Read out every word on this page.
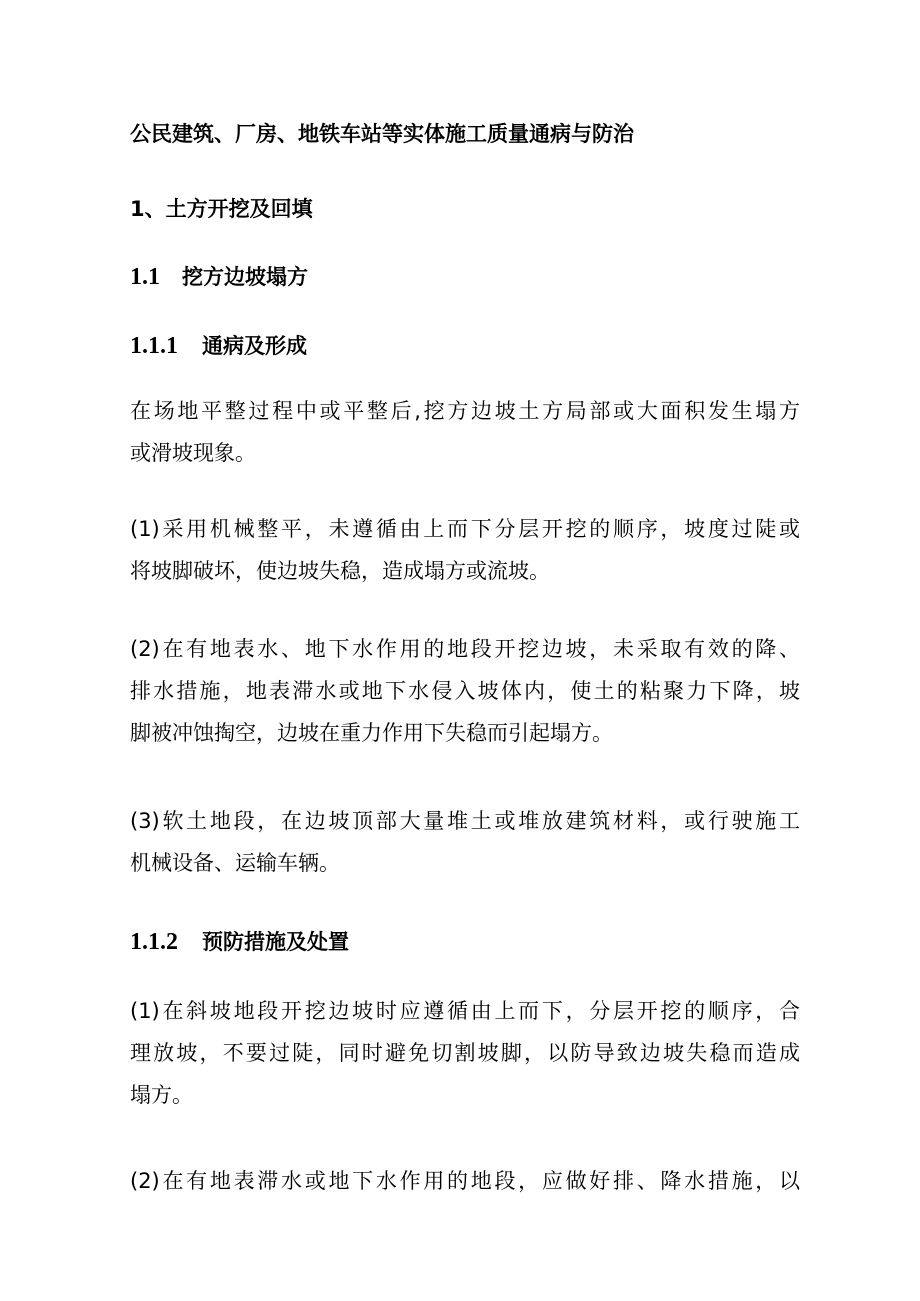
公民建筑、厂房、地铁车站等实体施工质量通病与防治
1、土方开挖及回填
1.1 挖方边坡塌方
1.1.1 通病及形成
在场地平整过程中或平整后,挖方边坡土方局部或大面积发生塌方
或滑坡现象。
(1)采用机械整平，未遵循由上而下分层开挖的顺序，坡度过陡或
将坡脚破坏，使边坡失稳，造成塌方或流坡。
(2)在有地表水、地下水作用的地段开挖边坡，未采取有效的降、
排水措施，地表滞水或地下水侵入坡体内，使土的粘聚力下降，坡
脚被冲蚀掏空，边坡在重力作用下失稳而引起塌方。
(3)软土地段，在边坡顶部大量堆土或堆放建筑材料，或行驶施工
机械设备、运输车辆。
1.1.2 预防措施及处置
(1)在斜坡地段开挖边坡时应遵循由上而下，分层开挖的顺序，合
理放坡，不要过陡，同时避免切割坡脚，以防导致边坡失稳而造成
塌方。
(2)在有地表滞水或地下水作用的地段，应做好排、降水措施，以
